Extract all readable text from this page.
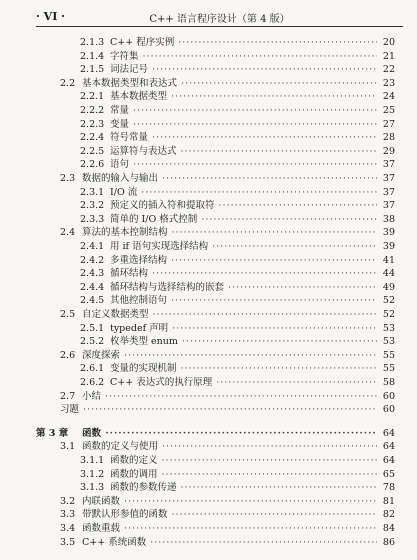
· VI ·	C++ 语言程序设计（第 4 版）
2.1.3 C++ 程序实例 ·····	20
2.1.4 字符集 ·····	21
2.1.5 词法记号 ·····	22
2.2 基本数据类型和表达式 ·····	23
2.2.1 基本数据类型 ·····	24
2.2.2 常量 ·····	25
2.2.3 变量 ·····	27
2.2.4 符号常量 ·····	28
2.2.5 运算符与表达式 ·····	29
2.2.6 语句 ·····	37
2.3 数据的输入与输出 ·····	37
2.3.1 I/O 流 ·····	37
2.3.2 预定义的插入符和提取符 ·····	37
2.3.3 简单的 I/O 格式控制 ·····	38
2.4 算法的基本控制结构 ·····	39
2.4.1 用 if 语句实现选择结构 ·····	39
2.4.2 多重选择结构 ·····	41
2.4.3 循环结构 ·····	44
2.4.4 循环结构与选择结构的嵌套 ·····	49
2.4.5 其他控制语句 ·····	52
2.5 自定义数据类型 ·····	52
2.5.1 typedef 声明 ·····	53
2.5.2 枚举类型 enum ·····	53
2.6 深度探索 ·····	55
2.6.1 变量的实现机制 ·····	55
2.6.2 C++ 表达式的执行原理 ·····	58
2.7 小结 ·····	60
习题 ·····	60
第 3 章 函数 ·····	64
3.1 函数的定义与使用 ·····	64
3.1.1 函数的定义 ·····	64
3.1.2 函数的调用 ·····	65
3.1.3 函数的参数传递 ·····	78
3.2 内联函数 ·····	81
3.3 带默认形参值的函数 ·····	82
3.4 函数重载 ·····	84
3.5 C++ 系统函数 ·····	86
